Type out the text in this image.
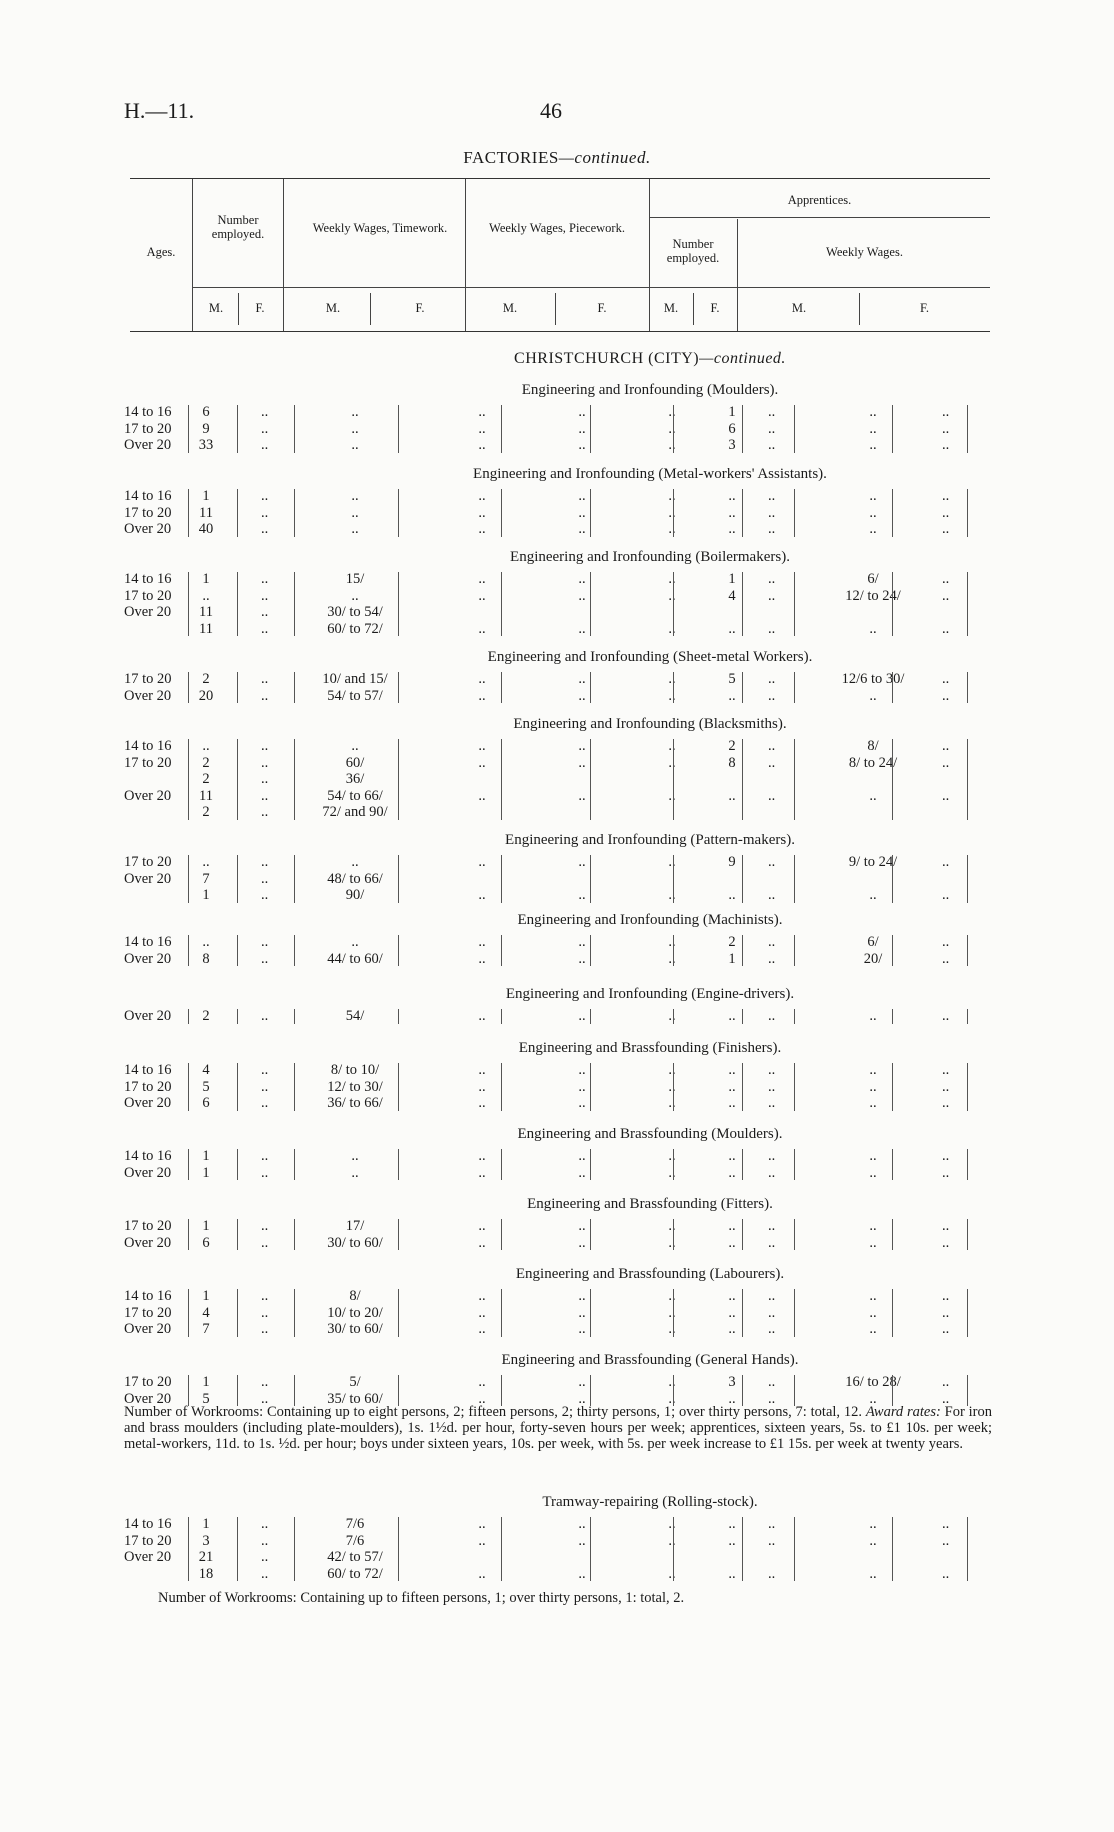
H.—11.	46
FACTORIES—continued.
Ages.
Number employed.	Weekly Wages, Timework.	Weekly Wages, Piecework.
Apprentices.
Number employed.	Weekly Wages.
M.	F.	M.	F.	M.	F.	M.	F.	M.	F.
CHRISTCHURCH (CITY)—continued.
Engineering and Ironfounding (Moulders).
14 to 16	6	..	..	..	..	..	1	..	..	..
17 to 20	9	..	..	..	..	..	6	..	..	..
Over 20	33	..	..	..	..	..	3	..	..	..
Engineering and Ironfounding (Metal-workers' Assistants).
14 to 16	1	..	..	..	..	..	..	..	..	..
17 to 20	11	..	..	..	..	..	..	..	..	..
Over 20	40	..	..	..	..	..	..	..	..	..
Engineering and Ironfounding (Boilermakers).
14 to 16	1	..	15/	..	..	..	1	..	6/	..
17 to 20	..	..	..	..	..	..	4	..	12/ to 24/	..
Over 20	11	..	30/ to 54/
11	..	60/ to 72/	..	..	..	..	..	..	..
Engineering and Ironfounding (Sheet-metal Workers).
17 to 20	2	..	10/ and 15/	..	..	..	5	..	12/6 to 30/	..
Over 20	20	..	54/ to 57/	..	..	..	..	..	..	..
Engineering and Ironfounding (Blacksmiths).
14 to 16	..	..	..	..	..	..	2	..	8/	..
17 to 20	2	..	60/	..	..	..	8	..	8/ to 24/	..
2	..	36/
Over 20	11	..	54/ to 66/	..	..	..	..	..	..	..
2	..	72/ and 90/
Engineering and Ironfounding (Pattern-makers).
17 to 20	..	..	..	..	..	..	9	..	9/ to 24/	..
Over 20	7	..	48/ to 66/
1	..	90/	..	..	..	..	..	..	..
Engineering and Ironfounding (Machinists).
14 to 16	..	..	..	..	..	..	2	..	6/	..
Over 20	8	..	44/ to 60/	..	..	..	1	..	20/	..
Engineering and Ironfounding (Engine-drivers).
Over 20	2	..	54/	..	..	..	..	..	..	..
Engineering and Brassfounding (Finishers).
14 to 16	4	..	8/ to 10/	..	..	..	..	..	..	..
17 to 20	5	..	12/ to 30/	..	..	..	..	..	..	..
Over 20	6	..	36/ to 66/	..	..	..	..	..	..	..
Engineering and Brassfounding (Moulders).
14 to 16	1	..	..	..	..	..	..	..	..	..
Over 20	1	..	..	..	..	..	..	..	..	..
Engineering and Brassfounding (Fitters).
17 to 20	1	..	17/	..	..	..	..	..	..	..
Over 20	6	..	30/ to 60/	..	..	..	..	..	..	..
Engineering and Brassfounding (Labourers).
14 to 16	1	..	8/	..	..	..	..	..	..	..
17 to 20	4	..	10/ to 20/	..	..	..	..	..	..	..
Over 20	7	..	30/ to 60/	..	..	..	..	..	..	..
Engineering and Brassfounding (General Hands).
17 to 20	1	..	5/	..	..	..	3	..	16/ to 28/	..
Over 20	5	..	35/ to 60/	..	..	..	..	..	..	..
Tramway-repairing (Rolling-stock).
14 to 16	1	..	7/6	..	..	..	..	..	..	..
17 to 20	3	..	7/6	..	..	..	..	..	..	..
Over 20	21	..	42/ to 57/
18	..	60/ to 72/	..	..	..	..	..	..	..
Number of Workrooms: Containing up to eight persons, 2; fifteen persons, 2; thirty persons, 1; over thirty persons, 7: total, 12. Award rates: For iron and brass moulders (including plate-moulders), 1s. 1½d. per hour, forty-seven hours per week; apprentices, sixteen years, 5s. to £1 10s. per week; metal-workers, 11d. to 1s. ½d. per hour; boys under sixteen years, 10s. per week, with 5s. per week increase to £1 15s. per week at twenty years.
Number of Workrooms: Containing up to fifteen persons, 1; over thirty persons, 1: total, 2.
